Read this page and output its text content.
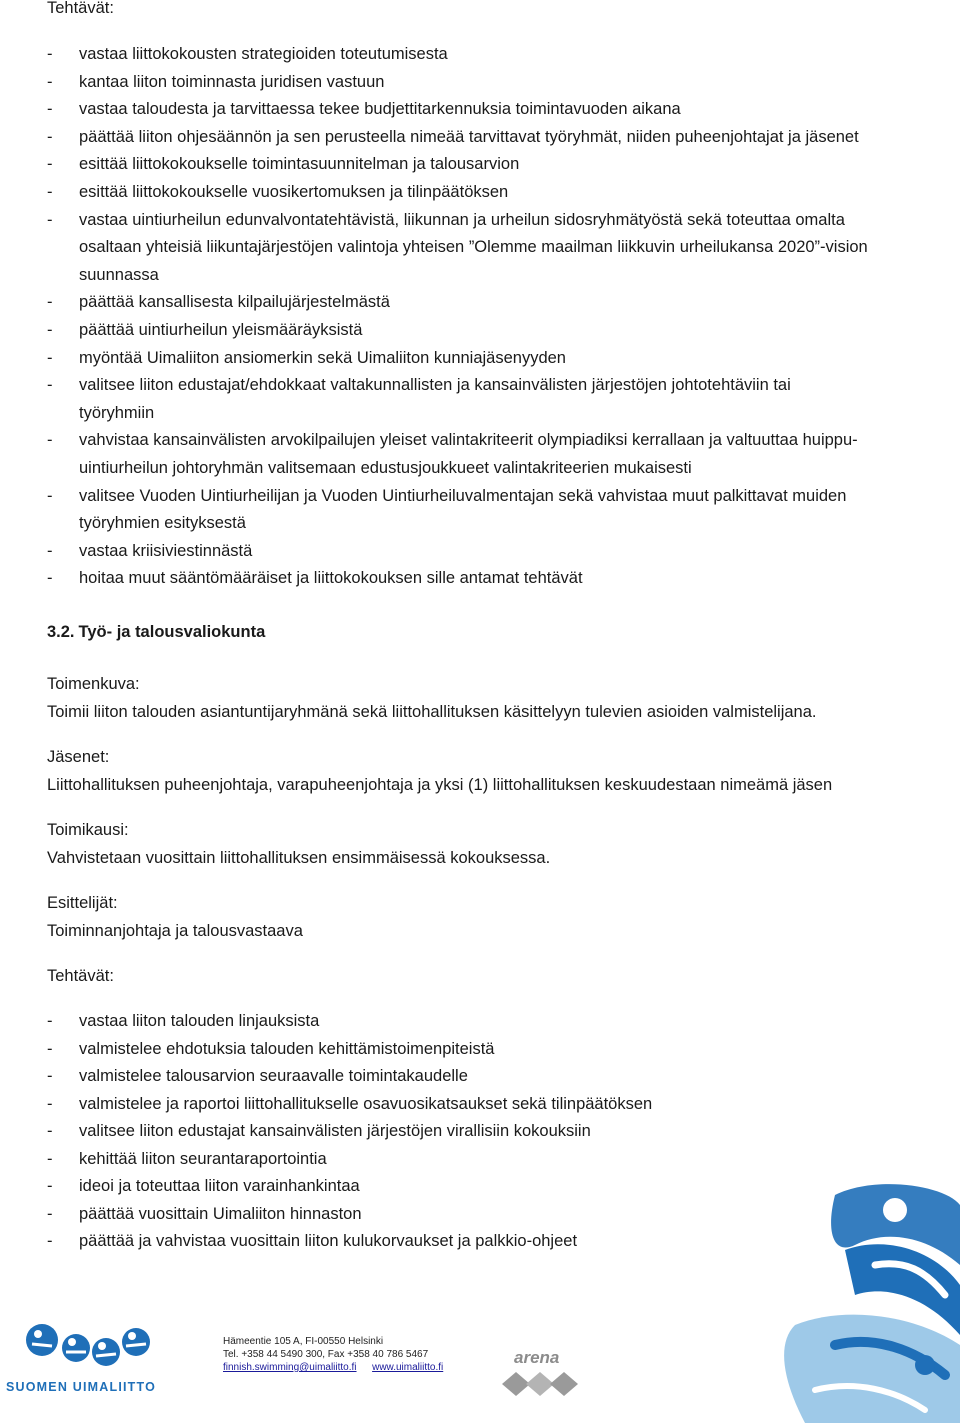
Tehtävät:
- vastaa liittokokousten strategioiden toteutumisesta
- kantaa liiton toiminnasta juridisen vastuun
- vastaa taloudesta ja tarvittaessa tekee budjettitarkennuksia toimintavuoden aikana
- päättää liiton ohjesäännön ja sen perusteella nimeää tarvittavat työryhmät, niiden puheenjohtajat ja jäsenet
- esittää liittokokoukselle toimintasuunnitelman ja talousarvion
- esittää liittokokoukselle vuosikertomuksen ja tilinpäätöksen
- vastaa uintiurheilun edunvalvontatehtävistä, liikunnan ja urheilun sidosryhmätyöstä sekä toteuttaa omalta
osaltaan yhteisiä liikuntajärjestöjen valintoja yhteisen ”Olemme maailman liikkuvin urheilukansa 2020”-vision
suunnassa
- päättää kansallisesta kilpailujärjestelmästä
- päättää uintiurheilun yleismääräyksistä
- myöntää Uimaliiton ansiomerkin sekä Uimaliiton kunniajäsenyyden
- valitsee liiton edustajat/ehdokkaat valtakunnallisten ja kansainvälisten järjestöjen johtotehtäviin tai
työryhmiin
- vahvistaa kansainvälisten arvokilpailujen yleiset valintakriteerit olympiadiksi kerrallaan ja valtuuttaa huippu-
uintiurheilun johtoryhmän valitsemaan edustusjoukkueet valintakriteerien mukaisesti
- valitsee Vuoden Uintiurheilijan ja Vuoden Uintiurheiluvalmentajan sekä vahvistaa muut palkittavat muiden
työryhmien esityksestä
- vastaa kriisiviestinnästä
- hoitaa muut sääntömääräiset ja liittokokouksen sille antamat tehtävät
3.2. Työ- ja talousvaliokunta
Toimenkuva:
Toimii liiton talouden asiantuntijaryhmänä sekä liittohallituksen käsittelyyn tulevien asioiden valmistelijana.
Jäsenet:
Liittohallituksen puheenjohtaja, varapuheenjohtaja ja yksi (1) liittohallituksen keskuudestaan nimeämä jäsen
Toimikausi:
Vahvistetaan vuosittain liittohallituksen ensimmäisessä kokouksessa.
Esittelijät:
Toiminnanjohtaja ja talousvastaava
Tehtävät:
- vastaa liiton talouden linjauksista
- valmistelee ehdotuksia talouden kehittämistoimenpiteistä
- valmistelee talousarvion seuraavalle toimintakaudelle
- valmistelee ja raportoi liittohallitukselle osavuosikatsaukset sekä tilinpäätöksen
- valitsee liiton edustajat kansainvälisten järjestöjen virallisiin kokouksiin
- kehittää liiton seurantaraportointia
- ideoi ja toteuttaa liiton varainhankintaa
- päättää vuosittain Uimaliiton hinnaston
- päättää ja vahvistaa vuosittain liiton kulukorvaukset ja palkkio-ohjeet
SUOMEN UIMALIITTO
Hämeentie 105 A, FI-00550 Helsinki
Tel. +358 44 5490 300, Fax +358 40 786 5467
finnish.swimming@uimaliitto.fi www.uimaliitto.fi
arena
